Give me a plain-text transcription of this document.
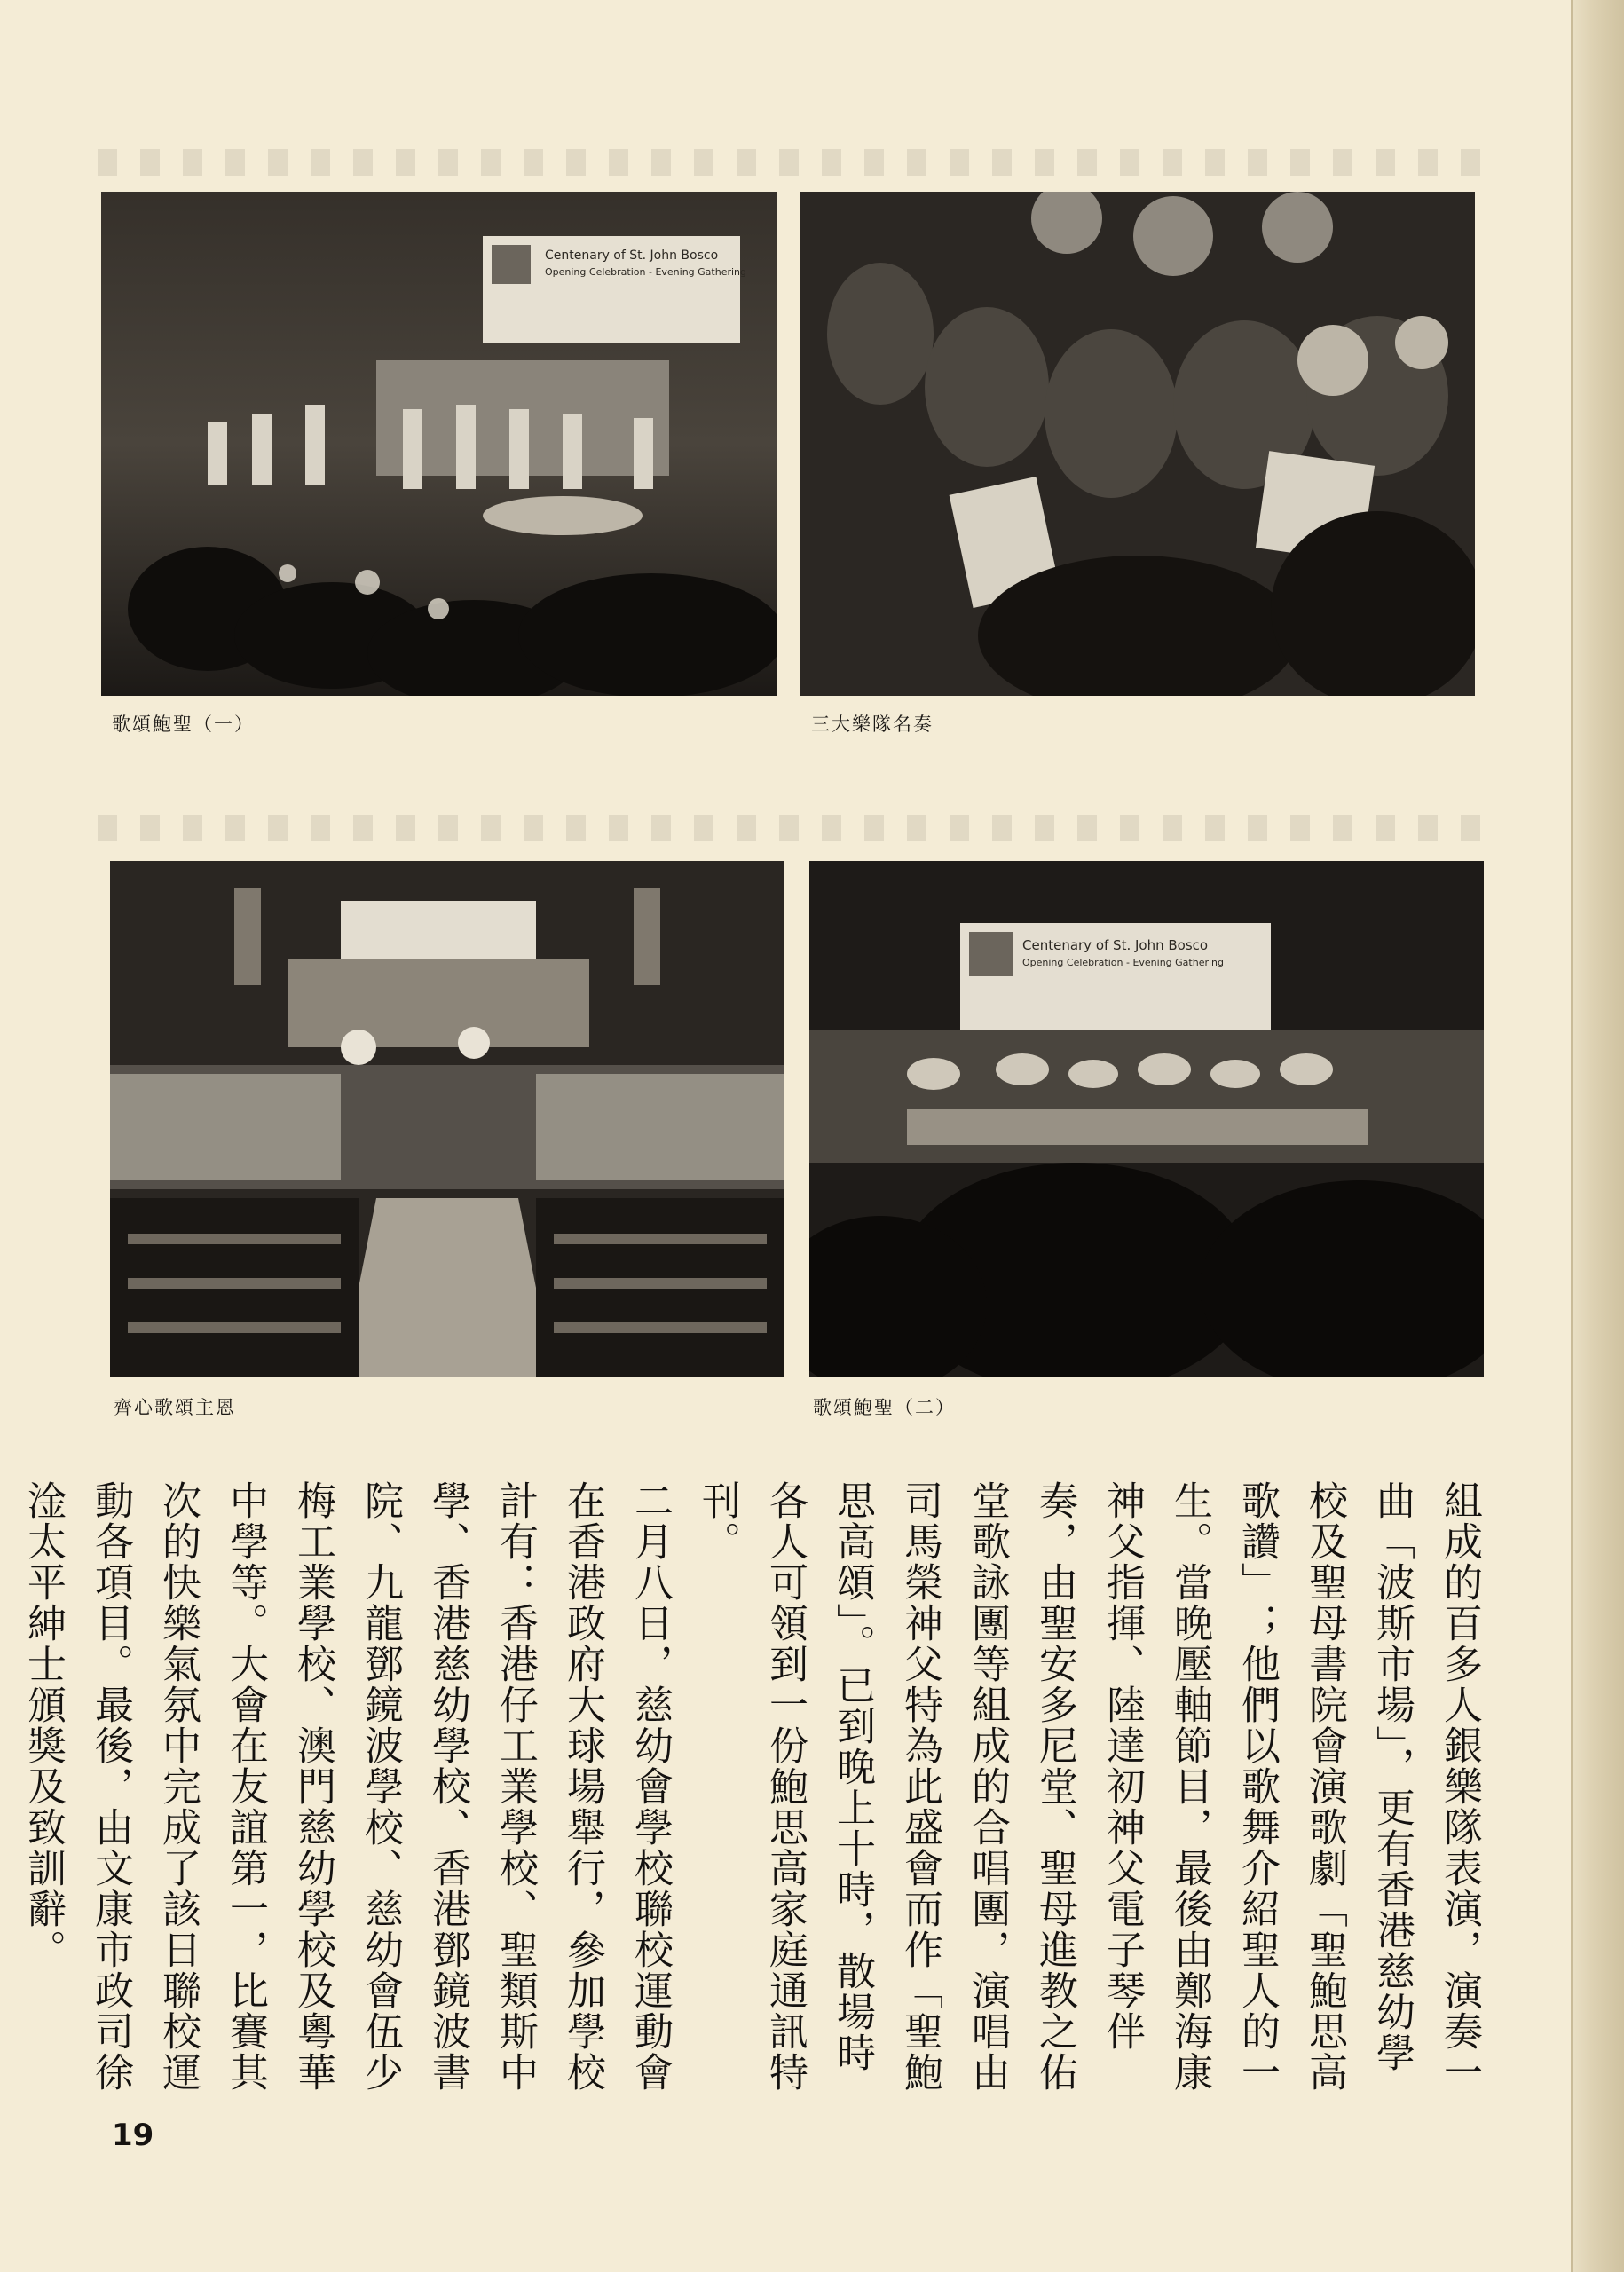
Centenary of St. John Bosco
Opening Celebration - Evening Gathering
歌頌鮑聖（一）	三大樂隊名奏
齊心歌頌主恩
Centenary of St. John Bosco
Opening Celebration - Evening Gathering
歌頌鮑聖（二）

組成的百多人銀樂隊表演，演奏一曲「波斯市場」，更有香港慈幼學校及聖母書院會演歌劇「聖鮑思高歌讚」；他們以歌舞介紹聖人的一生。當晚壓軸節目，最後由鄭海康神父指揮、陸達初神父電子琴伴奏，由聖安多尼堂、聖母進教之佑堂歌詠團等組成的合唱團，演唱由司馬榮神父特為此盛會而作「聖鮑思高頌」。已到晚上十時，散場時各人可領到一份鮑思高家庭通訊特刊。

二月八日，慈幼會學校聯校運動會在香港政府大球場舉行，參加學校計有：香港仔工業學校、聖類斯中學、香港慈幼學校、香港鄧鏡波書院、九龍鄧鏡波學校、慈幼會伍少梅工業學校、澳門慈幼學校及粵華中學等。大會在友誼第一，比賽其次的快樂氣氛中完成了該日聯校運動各項目。最後，由文康市政司徐淦太平紳士頒獎及致訓辭。

19
